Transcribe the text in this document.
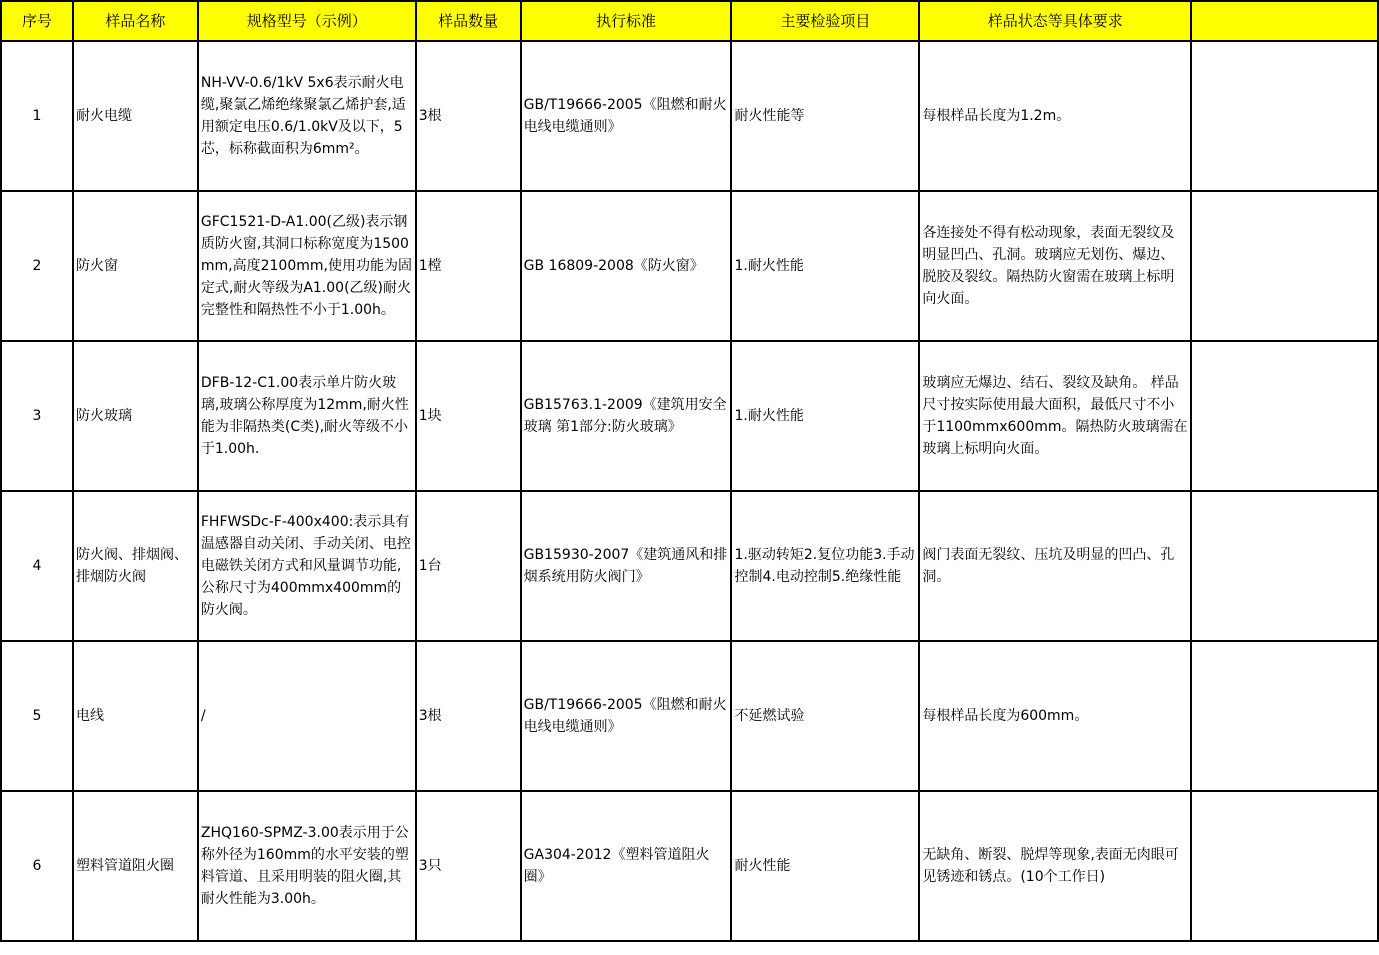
序号	样品名称	规格型号（示例）	样品数量	执行标准	主要检验项目	样品状态等具体要求	
1	耐火电缆	NH-VV-0.6/1kV 5x6表示耐火电缆,聚氯乙烯绝缘聚氯乙烯护套,适用额定电压0.6/1.0kV及以下，5芯，标称截面积为6mm²。	3根	GB/T19666-2005《阻燃和耐火电线电缆通则》	耐火性能等	每根样品长度为1.2m。	
2	防火窗	GFC1521-D-A1.00(乙级)表示钢质防火窗,其洞口标称宽度为1500mm,高度2100mm,使用功能为固定式,耐火等级为A1.00(乙级)耐火完整性和隔热性不小于1.00h。	1樘	GB 16809-2008《防火窗》	1.耐火性能	各连接处不得有松动现象，表面无裂纹及明显凹凸、孔洞。玻璃应无划伤、爆边、脱胶及裂纹。隔热防火窗需在玻璃上标明向火面。	
3	防火玻璃	DFB-12-C1.00表示单片防火玻璃,玻璃公称厚度为12mm,耐火性能为非隔热类(C类),耐火等级不小于1.00h.	1块	GB15763.1-2009《建筑用安全玻璃 第1部分:防火玻璃》	1.耐火性能	玻璃应无爆边、结石、裂纹及缺角。 样品尺寸按实际使用最大面积，最低尺寸不小于1100mmx600mm。隔热防火玻璃需在玻璃上标明向火面。	
4	防火阀、排烟阀、排烟防火阀	FHFWSDc-F-400x400:表示具有温感器自动关闭、手动关闭、电控电磁铁关闭方式和风量调节功能,公称尺寸为400mmx400mm的防火阀。	1台	GB15930-2007《建筑通风和排烟系统用防火阀门》	1.驱动转矩2.复位功能3.手动控制4.电动控制5.绝缘性能	阀门表面无裂纹、压坑及明显的凹凸、孔洞。	
5	电线	/	3根	GB/T19666-2005《阻燃和耐火电线电缆通则》	不延燃试验	每根样品长度为600mm。	
6	塑料管道阻火圈	ZHQ160-SPMZ-3.00表示用于公称外径为160mm的水平安装的塑料管道、且采用明装的阻火圈,其耐火性能为3.00h。	3只	GA304-2012《塑料管道阻火圈》	耐火性能	无缺角、断裂、脱焊等现象,表面无肉眼可见锈迹和锈点。(10个工作日)	
